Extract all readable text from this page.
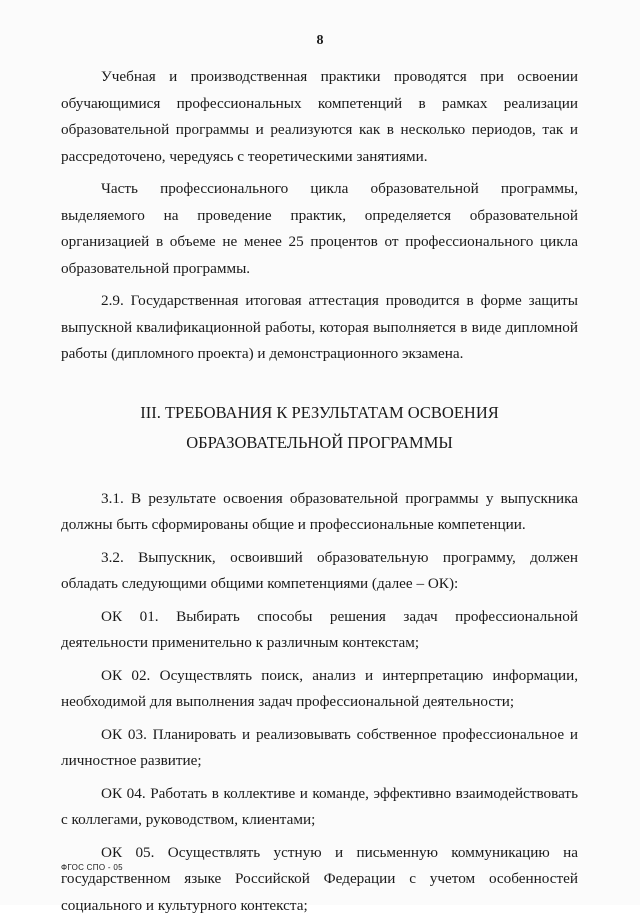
8

Учебная и производственная практики проводятся при освоении обучающимися профессиональных компетенций в рамках реализации образовательной программы и реализуются как в несколько периодов, так и рассредоточено, чередуясь с теоретическими занятиями.

Часть профессионального цикла образовательной программы, выделяемого на проведение практик, определяется образовательной организацией в объеме не менее 25 процентов от профессионального цикла образовательной программы.

2.9. Государственная итоговая аттестация проводится в форме защиты выпускной квалификационной работы, которая выполняется в виде дипломной работы (дипломного проекта) и демонстрационного экзамена.

III. ТРЕБОВАНИЯ К РЕЗУЛЬТАТАМ ОСВОЕНИЯ
ОБРАЗОВАТЕЛЬНОЙ ПРОГРАММЫ

3.1. В результате освоения образовательной программы у выпускника должны быть сформированы общие и профессиональные компетенции.

3.2. Выпускник, освоивший образовательную программу, должен обладать следующими общими компетенциями (далее – ОК):

ОК 01. Выбирать способы решения задач профессиональной деятельности применительно к различным контекстам;

ОК 02. Осуществлять поиск, анализ и интерпретацию информации, необходимой для выполнения задач профессиональной деятельности;

ОК 03. Планировать и реализовывать собственное профессиональное и личностное развитие;

ОК 04. Работать в коллективе и команде, эффективно взаимодействовать с коллегами, руководством, клиентами;

ОК 05. Осуществлять устную и письменную коммуникацию на государственном языке Российской Федерации с учетом особенностей социального и культурного контекста;

ФГОС СПО - 05
